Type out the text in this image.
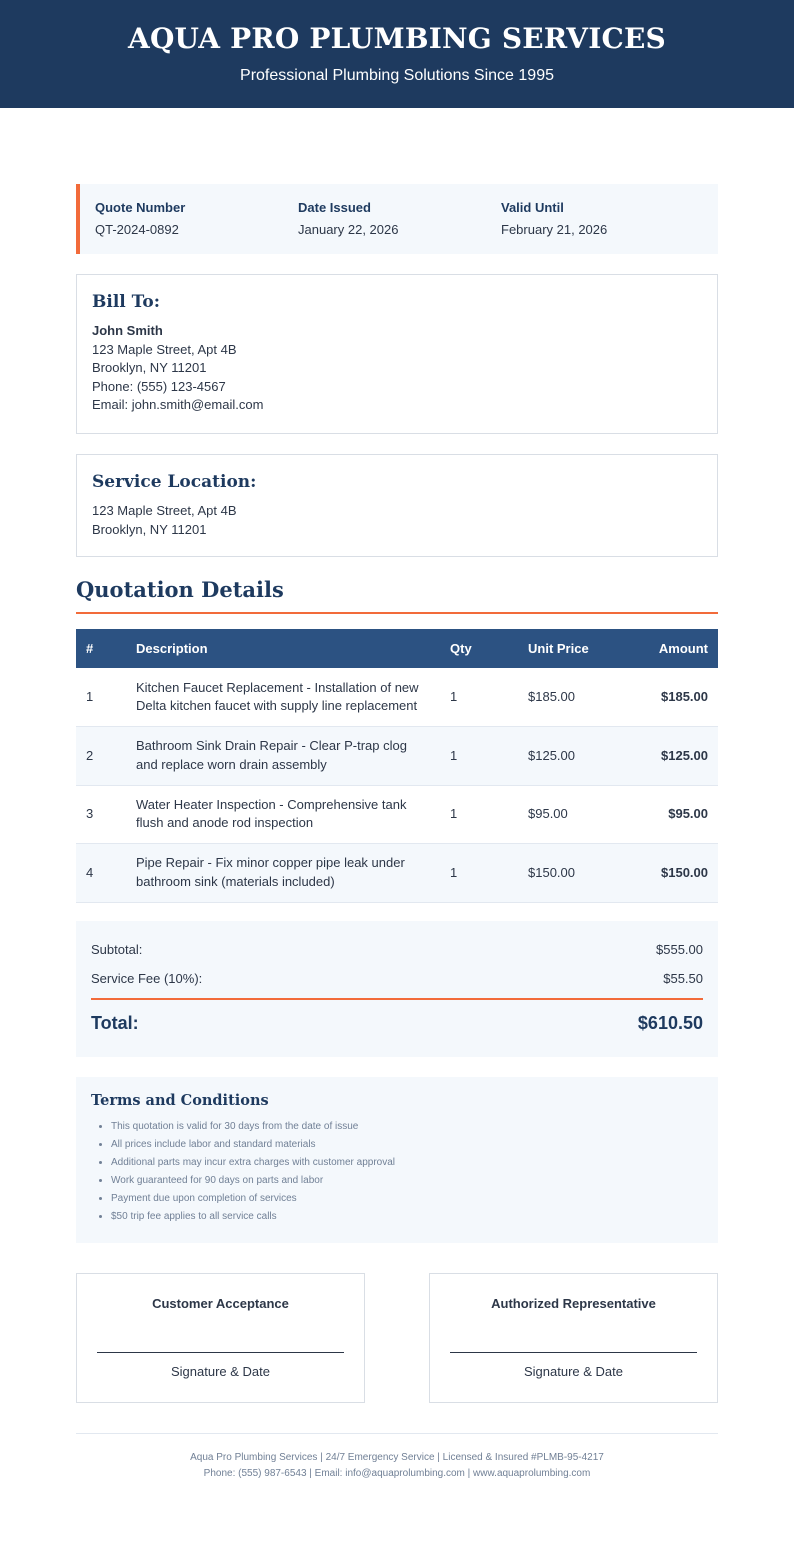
AQUA PRO PLUMBING SERVICES
Professional Plumbing Solutions Since 1995
Quote Number
QT-2024-0892
Date Issued
January 22, 2026
Valid Until
February 21, 2026
Bill To:
John Smith
123 Maple Street, Apt 4B
Brooklyn, NY 11201
Phone: (555) 123-4567
Email: john.smith@email.com
Service Location:
123 Maple Street, Apt 4B
Brooklyn, NY 11201
Quotation Details
#	Description	Qty	Unit Price	Amount
1	Kitchen Faucet Replacement - Installation of new Delta kitchen faucet with supply line replacement	1	$185.00	$185.00
2	Bathroom Sink Drain Repair - Clear P-trap clog and replace worn drain assembly	1	$125.00	$125.00
3	Water Heater Inspection - Comprehensive tank flush and anode rod inspection	1	$95.00	$95.00
4	Pipe Repair - Fix minor copper pipe leak under bathroom sink (materials included)	1	$150.00	$150.00
Subtotal:	$555.00
Service Fee (10%):	$55.50
Total:	$610.50
Terms and Conditions
• This quotation is valid for 30 days from the date of issue
• All prices include labor and standard materials
• Additional parts may incur extra charges with customer approval
• Work guaranteed for 90 days on parts and labor
• Payment due upon completion of services
• $50 trip fee applies to all service calls
Customer Acceptance
Signature & Date
Authorized Representative
Signature & Date
Aqua Pro Plumbing Services | 24/7 Emergency Service | Licensed & Insured #PLMB-95-4217
Phone: (555) 987-6543 | Email: info@aquaprolumbing.com | www.aquaprolumbing.com
